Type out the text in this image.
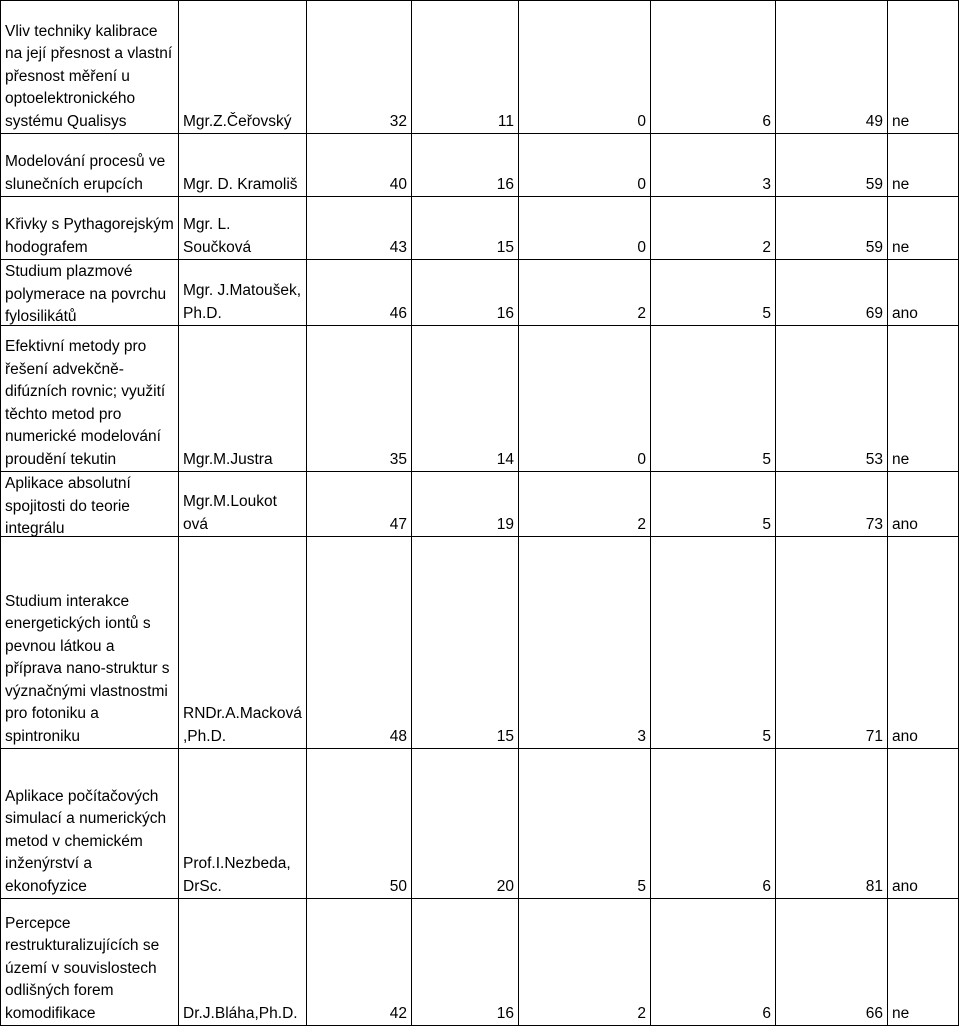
Vliv techniky kalibrace na její přesnost a vlastní přesnost měření u optoelektronického systému Qualisys	Mgr.Z.Čeřovský	32	11	0	6	49	ne
Modelování procesů ve slunečních erupcích	Mgr. D. Kramoliš	40	16	0	3	59	ne
Křivky s Pythagorejským hodografem	Mgr. L. Součková	43	15	0	2	59	ne

Studium plazmové polymerace na povrchu fylosilikátů	Mgr. J.Matoušek, Ph.D.	46	16	2	5	69	ano
Efektivní metody pro řešení advekčně-difúzních rovnic; využití těchto metod pro numerické modelování proudění tekutin	Mgr.M.Justra	35	14	0	5	53	ne

Aplikace absolutní spojitosti do teorie integrálu	Mgr.M.Loukotová	47	19	2	5	73	ano
Studium interakce energetických iontů s pevnou látkou a příprava nano-struktur s význačnými vlastnostmi pro fotoniku a spintroniku	RNDr.A.Macková ,Ph.D.	48	15	3	5	71	ano
Aplikace počítačových simulací a numerických metod v chemickém inženýrství a ekonofyzice	Prof.I.Nezbeda, DrSc.	50	20	5	6	81	ano
Percepce restrukturalizujících se území v souvislostech odlišných forem komodifikace	Dr.J.Bláha,Ph.D.	42	16	2	6	66	ne
